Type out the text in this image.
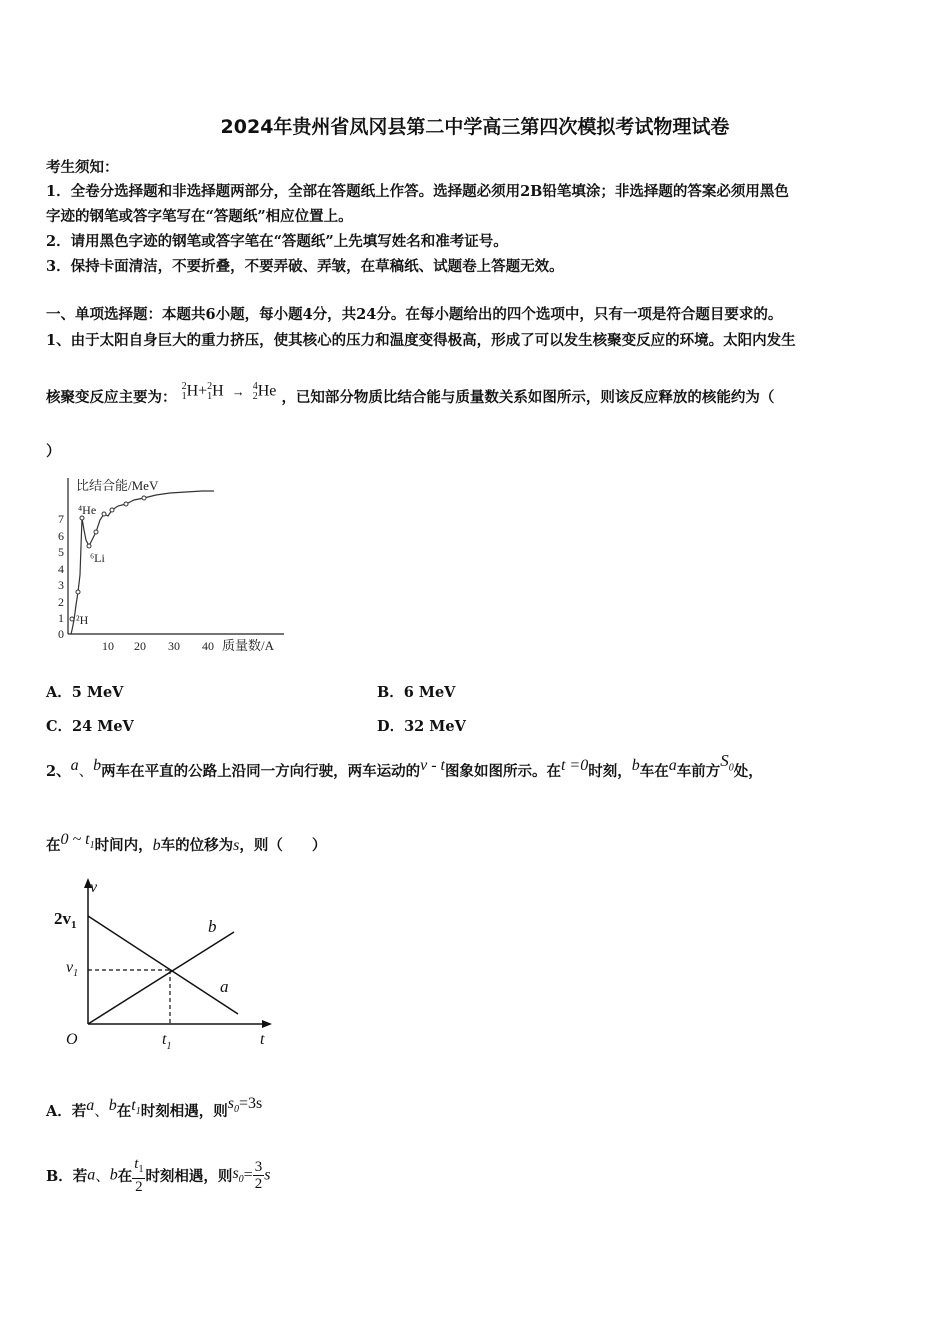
2024年贵州省凤冈县第二中学高三第四次模拟考试物理试卷
考生须知：
1．全卷分选择题和非选择题两部分，全部在答题纸上作答。选择题必须用2B铅笔填涂；非选择题的答案必须用黑色
字迹的钢笔或答字笔写在“答题纸”相应位置上。
2．请用黑色字迹的钢笔或答字笔在“答题纸”上先填写姓名和准考证号。
3．保持卡面清洁，不要折叠，不要弄破、弄皱，在草稿纸、试题卷上答题无效。
一、单项选择题：本题共6小题，每小题4分，共24分。在每小题给出的四个选项中，只有一项是符合题目要求的。
1、由于太阳自身巨大的重力挤压，使其核心的压力和温度变得极高，形成了可以发生核聚变反应的环境。太阳内发生
核聚变反应主要为： 2
1H+2
1H → 4
2He ，已知部分物质比结合能与质量数关系如图所示，则该反应释放的核能约为（
）
比结合能/MeV
0
1
2
3
4
5
6
7
10 20 30 40 质量数/A
⁴He
⁶Li
²H
A．5 MeV	B．6 MeV
C．24 MeV	D．32 MeV
2、a、b两车在平直的公路上沿同一方向行驶，两车运动的v - t图象如图所示。在t =0时刻，b车在a车前方$S_0$处，
在0 ~ $t_1$时间内，b车的位移为s，则（　　）
v
t
O
$2v_1$
$v_1$
$t_1$
a
b
A．若a、b在$t_1$时刻相遇，则$s_0=3s$
B．若a、b在 $\frac{t_1}{2}$ 时刻相遇，则$s_0= \frac{3}{2}$ s
